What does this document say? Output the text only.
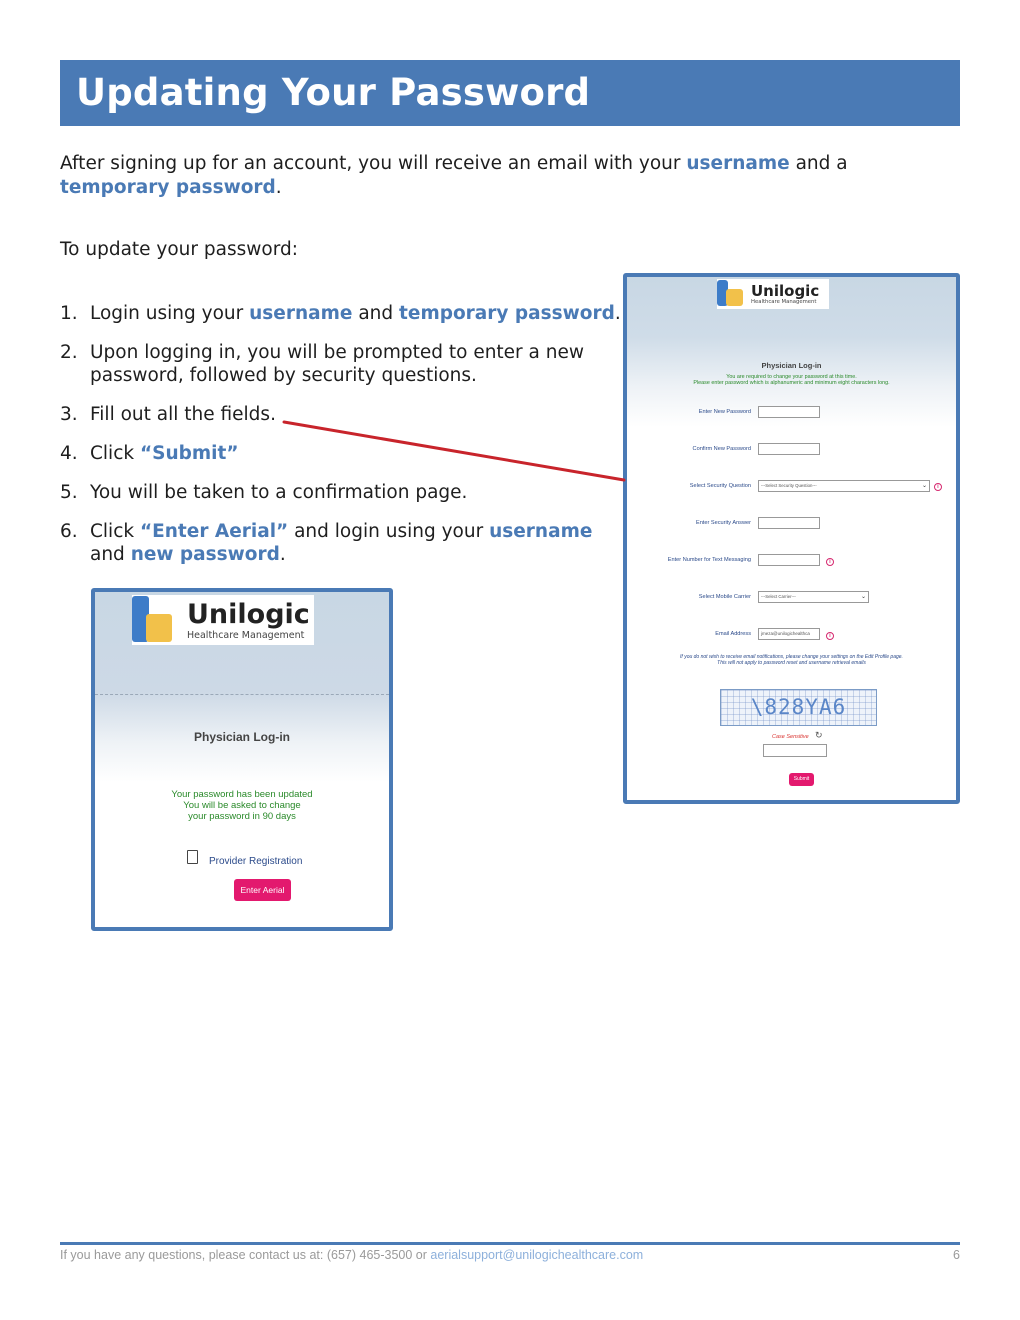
Updating Your Password

After signing up for an account, you will receive an email with your username and a temporary password.

To update your password:

1. Login using your username and temporary password.
2. Upon logging in, you will be prompted to enter a new password, followed by security questions.
3. Fill out all the fields.
4. Click “Submit”
5. You will be taken to a confirmation page.
6. Click “Enter Aerial” and login using your username and new password.
Unilogic
Healthcare Management
Physician Log-in
You are required to change your password at this time.
Please enter password which is alphanumeric and minimum eight characters long.
Enter New Password
Confirm New Password
Select Security Question	---Select Security Question---	⌄	i
Enter Security Answer
Enter Number for Text Messaging	i
Select Mobile Carrier	---Select Carrier---	⌄
Email Address	jmeza@unilogichealthca	i
If you do not wish to receive email notifications, please change your settings on the Edit Profile page.
This will not apply to password reset and username retrieval emails
\828YA6
Case Sensitive ↻
Submit
Unilogic
Healthcare Management
Physician Log-in
Your password has been updated
You will be asked to change
your password in 90 days
Provider Registration
Enter Aerial
If you have any questions, please contact us at: (657) 465-3500 or aerialsupport@unilogichealthcare.com	6
